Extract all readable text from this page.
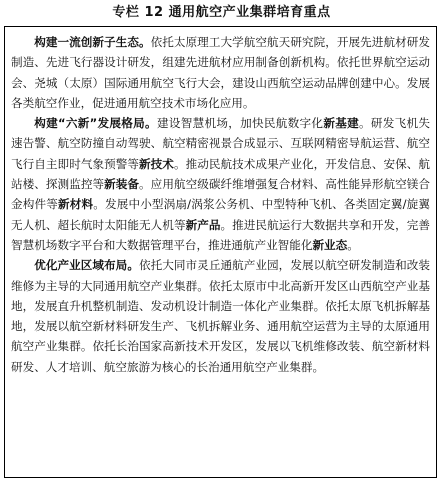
专栏 12 通用航空产业集群培育重点

构建一流创新子生态。依托太原理工大学航空航天研究院，开展先进航材研发制造、先进飞行器设计研发，组建先进航材应用制备创新机构。依托世界航空运动会、尧城（太原）国际通用航空飞行大会，建设山西航空运动品牌创建中心。发展各类航空作业，促进通用航空技术市场化应用。

构建“六新”发展格局。建设智慧机场，加快民航数字化新基建。研发飞机失速告警、航空防撞自动驾驶、航空精密视景合成显示、互联网精密导航运营、航空飞行自主即时气象预警等新技术。推动民航技术成果产业化，开发信息、安保、航站楼、探测监控等新装备。应用航空级碳纤维增强复合材料、高性能异形航空镁合金构件等新材料。发展中小型涡扇/涡浆公务机、中型特种飞机、各类固定翼/旋翼无人机、超长航时太阳能无人机等新产品。推进民航运行大数据共享和开发，完善智慧机场数字平台和大数据管理平台，推进通航产业智能化新业态。

优化产业区域布局。依托大同市灵丘通航产业园，发展以航空研发制造和改装维修为主导的大同通用航空产业集群。依托太原市中北高新开发区山西航空产业基地，发展直升机整机制造、发动机设计制造一体化产业集群。依托太原飞机拆解基地，发展以航空新材料研发生产、飞机拆解业务、通用航空运营为主导的太原通用航空产业集群。依托长治国家高新技术开发区，发展以飞机维修改装、航空新材料研发、人才培训、航空旅游为核心的长治通用航空产业集群。
